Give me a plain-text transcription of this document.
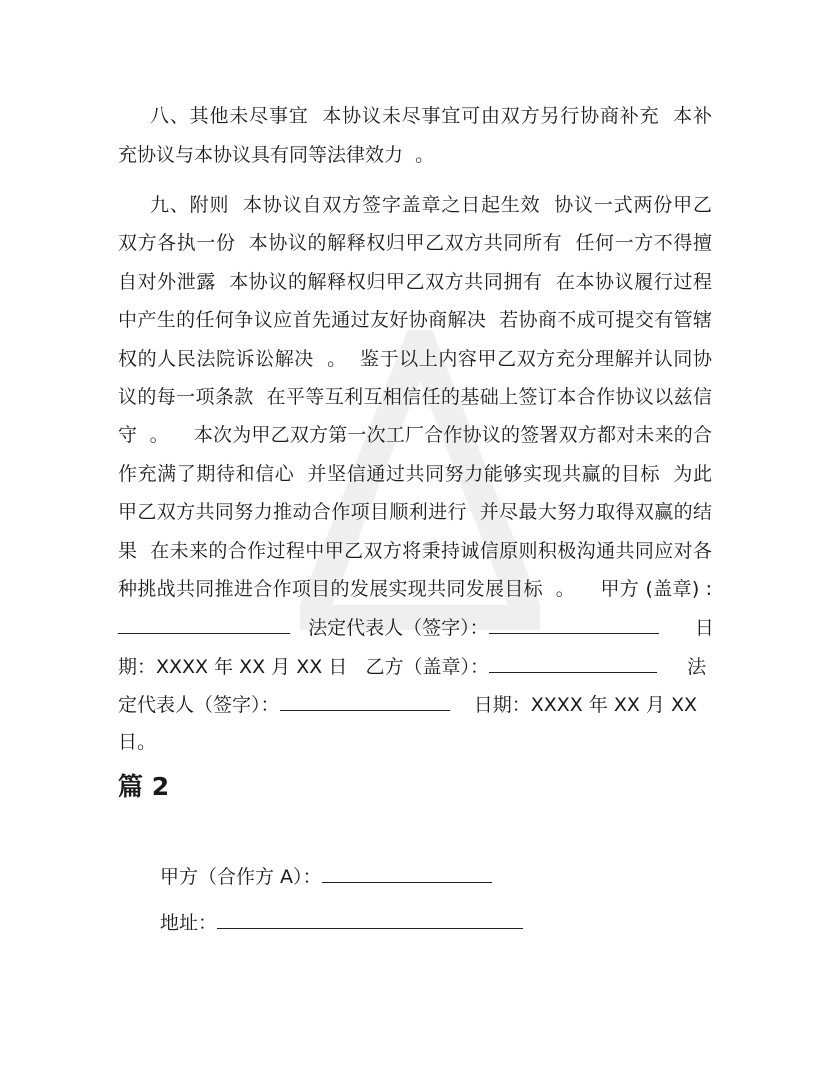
八、其他未尽事宜  本协议未尽事宜可由双方另行协商补充  本补
充协议与本协议具有同等法律效力  。
九、附则  本协议自双方签字盖章之日起生效  协议一式两份甲乙
双方各执一份  本协议的解释权归甲乙双方共同所有  任何一方不得擅
自对外泄露  本协议的解释权归甲乙双方共同拥有  在本协议履行过程
中产生的任何争议应首先通过友好协商解决  若协商不成可提交有管辖
权的人民法院诉讼解决  。  鉴于以上内容甲乙双方充分理解并认同协
议的每一项条款  在平等互利互相信任的基础上签订本合作协议以兹信
守  。    本次为甲乙双方第一次工厂合作协议的签署双方都对未来的合
作充满了期待和信心  并坚信通过共同努力能够实现共赢的目标  为此
甲乙双方共同努力推动合作项目顺利进行  并尽最大努力取得双赢的结
果  在未来的合作过程中甲乙双方将秉持诚信原则积极沟通共同应对各
种挑战共同推进合作项目的发展实现共同发展目标  。    甲方 (盖章) :
法定代表人（签字）：	日
期：XXXX 年 XX 月 XX 日 乙方（盖章）：	法
定代表人（签字）：	日期：XXXX 年 XX 月 XX
日。
篇 2
甲方（合作方 A）：
地址：
